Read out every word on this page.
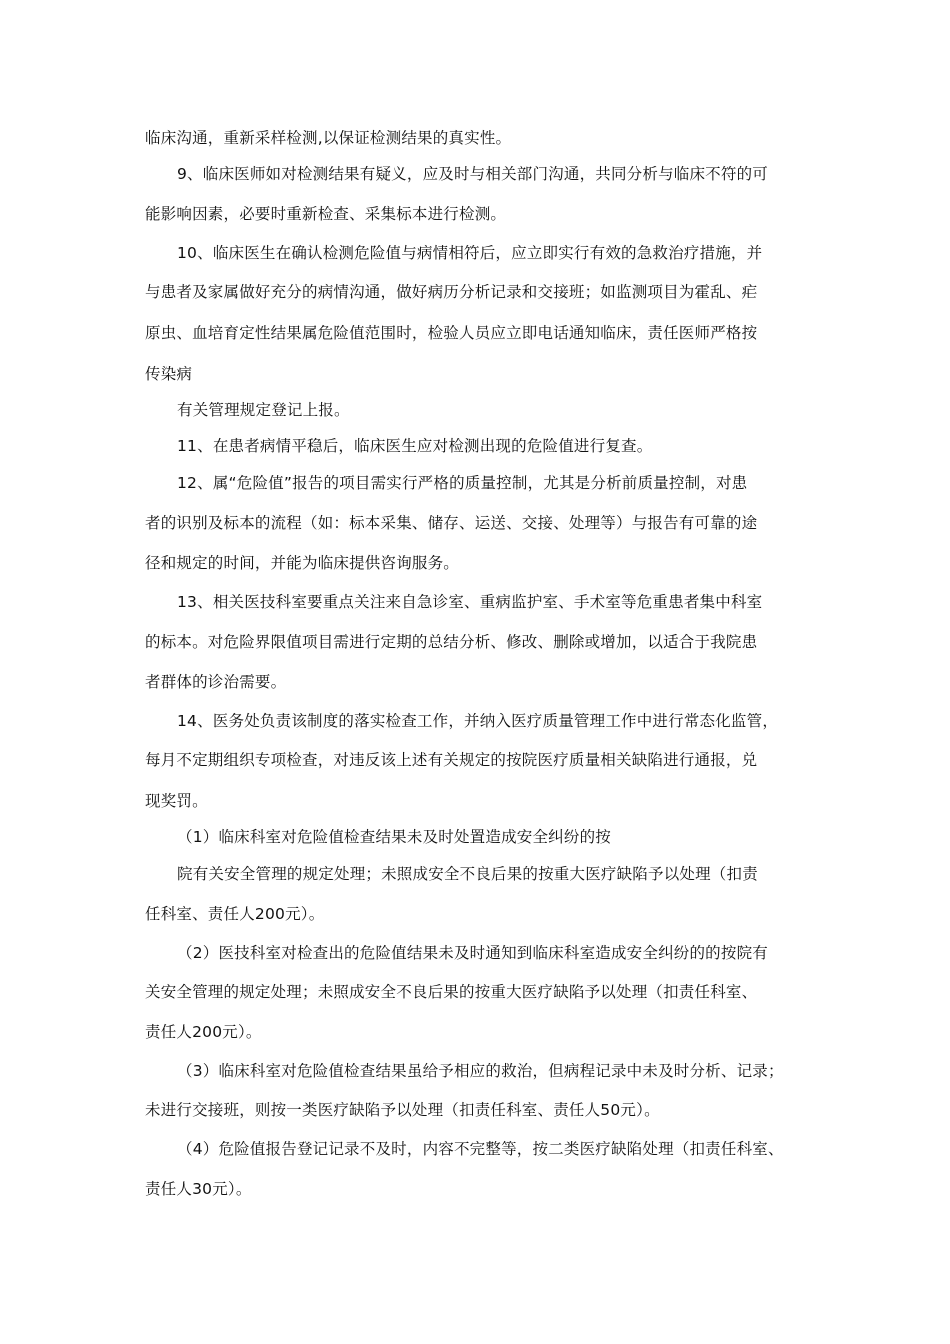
临床沟通，重新采样检测,以保证检测结果的真实性。
9、临床医师如对检测结果有疑义，应及时与相关部门沟通，共同分析与临床不符的可
能影响因素，必要时重新检查、采集标本进行检测。
10、临床医生在确认检测危险值与病情相符后，应立即实行有效的急救治疗措施，并
与患者及家属做好充分的病情沟通，做好病历分析记录和交接班；如监测项目为霍乱、疟
原虫、血培育定性结果属危险值范围时，检验人员应立即电话通知临床，责任医师严格按
传染病
有关管理规定登记上报。
11、在患者病情平稳后，临床医生应对检测出现的危险值进行复查。
12、属“危险值”报告的项目需实行严格的质量控制，尤其是分析前质量控制，对患
者的识别及标本的流程（如：标本采集、储存、运送、交接、处理等）与报告有可靠的途
径和规定的时间，并能为临床提供咨询服务。
13、相关医技科室要重点关注来自急诊室、重病监护室、手术室等危重患者集中科室
的标本。对危险界限值项目需进行定期的总结分析、修改、删除或增加，以适合于我院患
者群体的诊治需要。
14、医务处负责该制度的落实检查工作，并纳入医疗质量管理工作中进行常态化监管，
每月不定期组织专项检查，对违反该上述有关规定的按院医疗质量相关缺陷进行通报，兑
现奖罚。
（1）临床科室对危险值检查结果未及时处置造成安全纠纷的按
院有关安全管理的规定处理；未照成安全不良后果的按重大医疗缺陷予以处理（扣责
任科室、责任人200元）。
（2）医技科室对检查出的危险值结果未及时通知到临床科室造成安全纠纷的的按院有
关安全管理的规定处理；未照成安全不良后果的按重大医疗缺陷予以处理（扣责任科室、
责任人200元）。
（3）临床科室对危险值检查结果虽给予相应的救治，但病程记录中未及时分析、记录；
未进行交接班，则按一类医疗缺陷予以处理（扣责任科室、责任人50元）。
（4）危险值报告登记记录不及时，内容不完整等，按二类医疗缺陷处理（扣责任科室、
责任人30元）。
